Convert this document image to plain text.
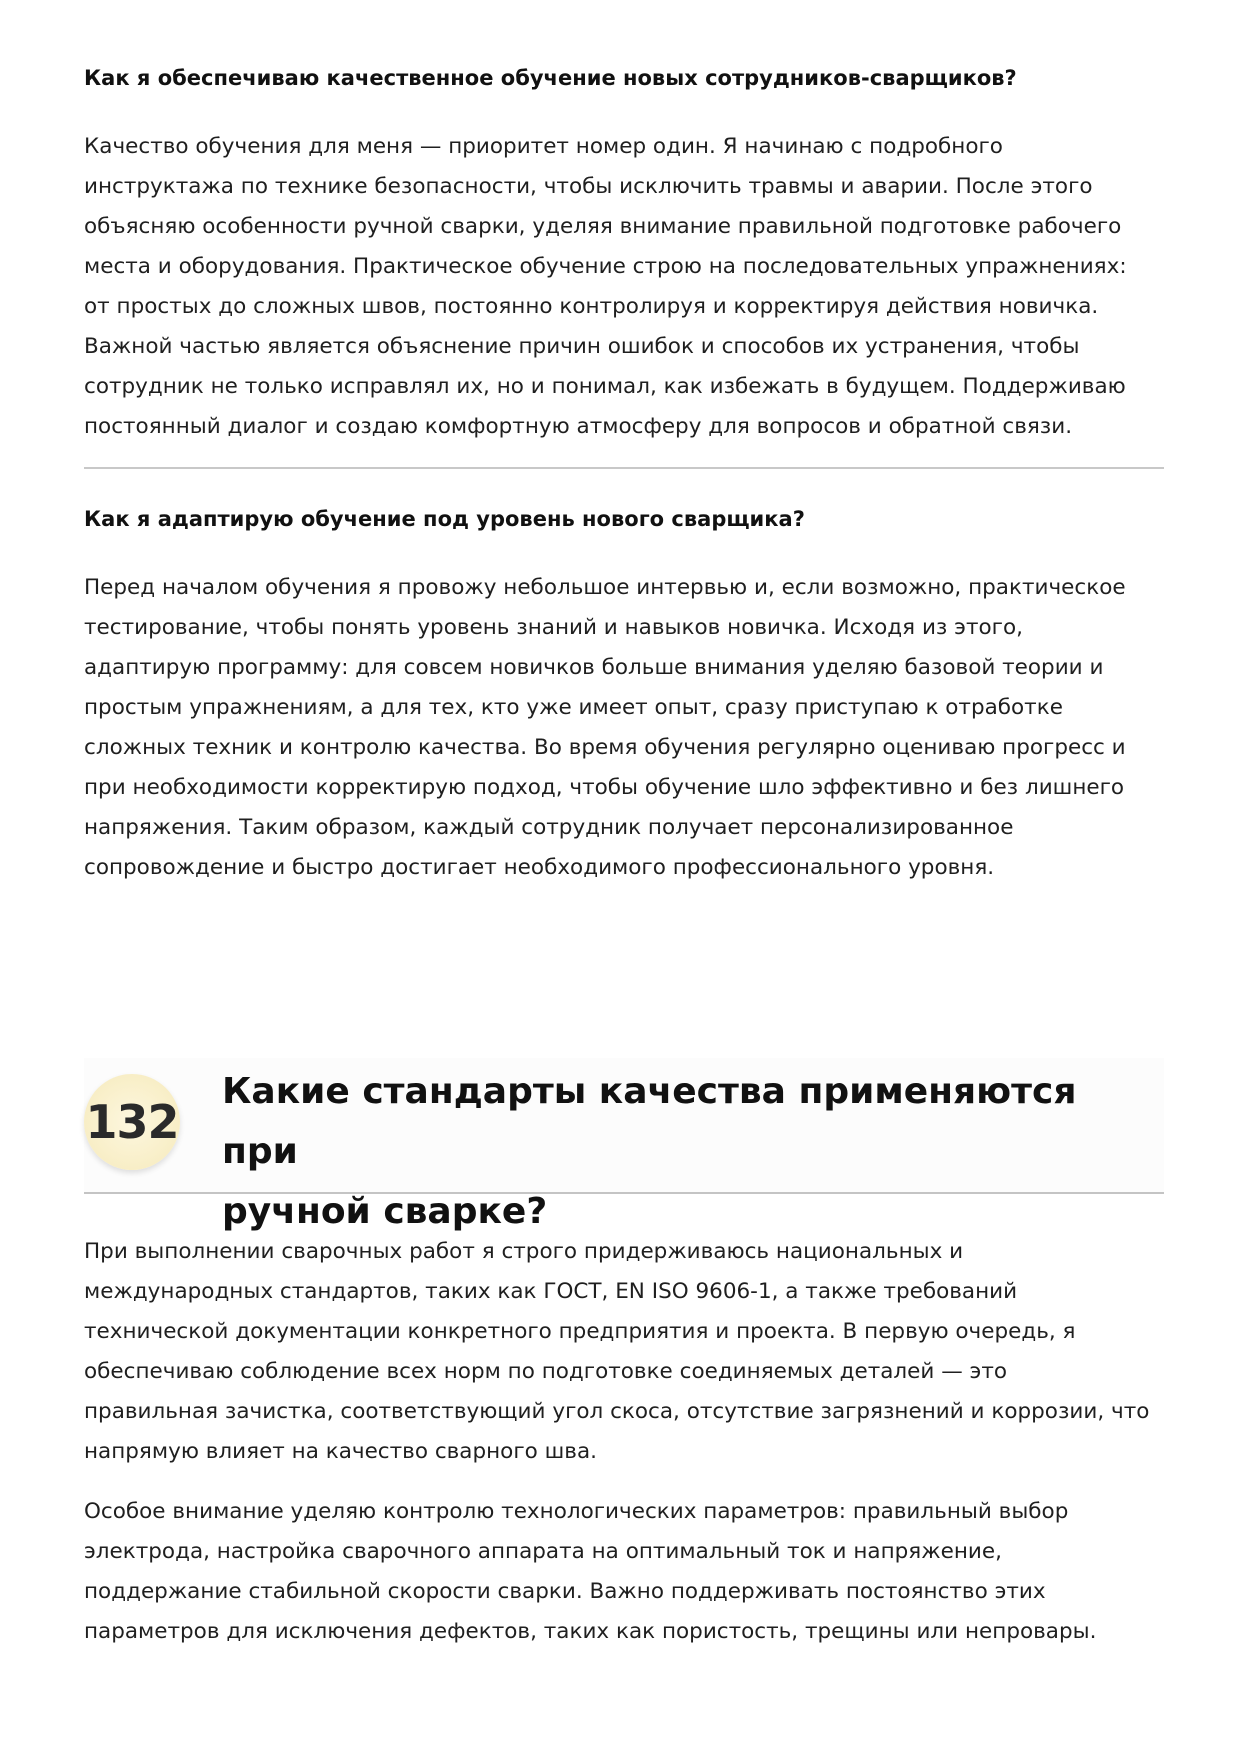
Как я обеспечиваю качественное обучение новых сотрудников-сварщиков?

Качество обучения для меня — приоритет номер один. Я начинаю с подробного
инструктажа по технике безопасности, чтобы исключить травмы и аварии. После этого
объясняю особенности ручной сварки, уделяя внимание правильной подготовке рабочего
места и оборудования. Практическое обучение строю на последовательных упражнениях:
от простых до сложных швов, постоянно контролируя и корректируя действия новичка.
Важной частью является объяснение причин ошибок и способов их устранения, чтобы
сотрудник не только исправлял их, но и понимал, как избежать в будущем. Поддерживаю
постоянный диалог и создаю комфортную атмосферу для вопросов и обратной связи.

Как я адаптирую обучение под уровень нового сварщика?

Перед началом обучения я провожу небольшое интервью и, если возможно, практическое
тестирование, чтобы понять уровень знаний и навыков новичка. Исходя из этого,
адаптирую программу: для совсем новичков больше внимания уделяю базовой теории и
простым упражнениям, а для тех, кто уже имеет опыт, сразу приступаю к отработке
сложных техник и контролю качества. Во время обучения регулярно оцениваю прогресс и
при необходимости корректирую подход, чтобы обучение шло эффективно и без лишнего
напряжения. Таким образом, каждый сотрудник получает персонализированное
сопровождение и быстро достигает необходимого профессионального уровня.

132
Какие стандарты качества применяются при
ручной сварке?

При выполнении сварочных работ я строго придерживаюсь национальных и
международных стандартов, таких как ГОСТ, EN ISO 9606-1, а также требований
технической документации конкретного предприятия и проекта. В первую очередь, я
обеспечиваю соблюдение всех норм по подготовке соединяемых деталей — это
правильная зачистка, соответствующий угол скоса, отсутствие загрязнений и коррозии, что
напрямую влияет на качество сварного шва.

Особое внимание уделяю контролю технологических параметров: правильный выбор
электрода, настройка сварочного аппарата на оптимальный ток и напряжение,
поддержание стабильной скорости сварки. Важно поддерживать постоянство этих
параметров для исключения дефектов, таких как пористость, трещины или непровары.
